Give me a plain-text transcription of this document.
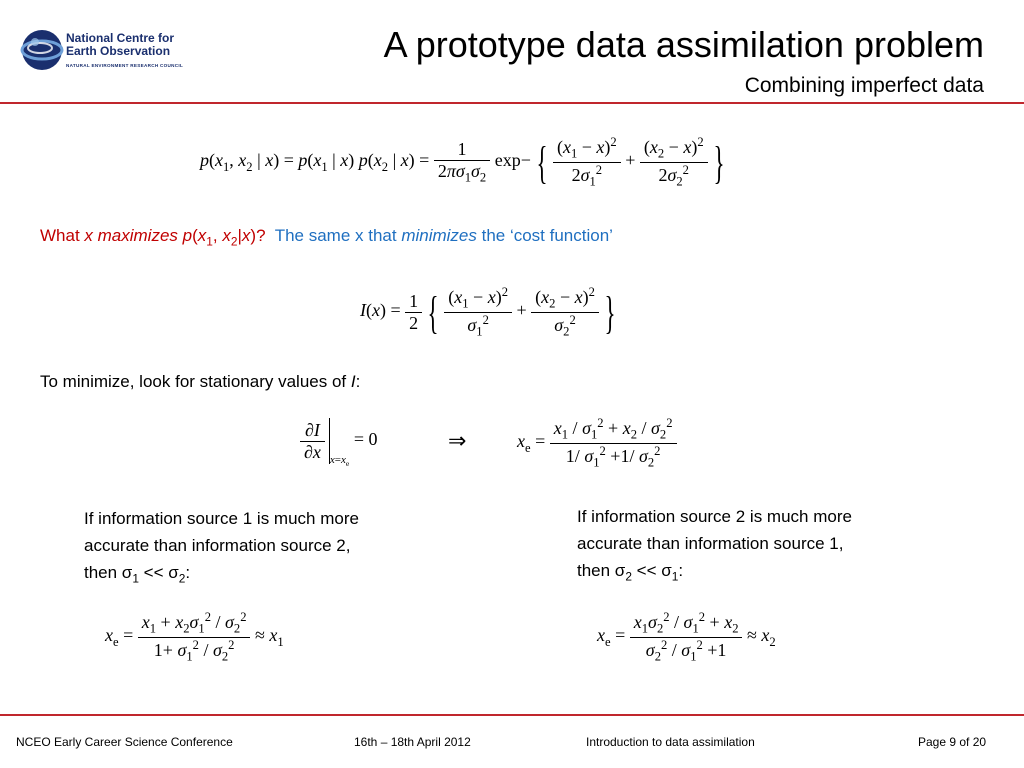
National Centre for
Earth Observation
NATURAL ENVIRONMENT RESEARCH COUNCIL
A prototype data assimilation problem
Combining imperfect data
$p(x_1$, $x_2$ | $x) = p(x_1$ | x) $p(x_2$ | $x) = \frac{1}{2\pi\sigma_1\sigma_2} \exp-$ { $\frac{(x_1 - x)^2}{2\sigma_1^2} + \frac{(x_2 - x)^2}{2\sigma_2^2}$ }
What x maximizes $p(x_1$, $x_2|x$)? The same x that minimizes the ‘cost function’
$I(x) = \frac{1}{2}$ { $\frac{(x_1 - x)^2}{\sigma_1^2} + \frac{(x_2 - x)^2}{\sigma_2^2}$ }
To minimize, look for stationary values of I:
$\frac{\partial I}{\partial x} _{x=x_e} = 0$	⇒	$x_e = \frac{x_1 / \sigma_1^2 + x_2 / \sigma_2^2}{1/ \sigma_1^2 +1/ \sigma_2^2}$
If information source 1 is much more
accurate than information source 2,
then $\sigma_1 << \sigma_2$:
If information source 2 is much more
accurate than information source 1,
then $\sigma_2 << \sigma_1$:
$x_e = \frac{x_1 + x_2\sigma_1^2 / \sigma_2^2}{1+ \sigma_1^2 / \sigma_2^2} \approx x_1$	$x_e = \frac{x_1\sigma_2^2 / \sigma_1^2 + x_2}{\sigma_2^2 / \sigma_1^2 +1} \approx x_2$
NCEO Early Career Science Conference	16th – 18th April 2012	Introduction to data assimilation	Page 9 of 20
